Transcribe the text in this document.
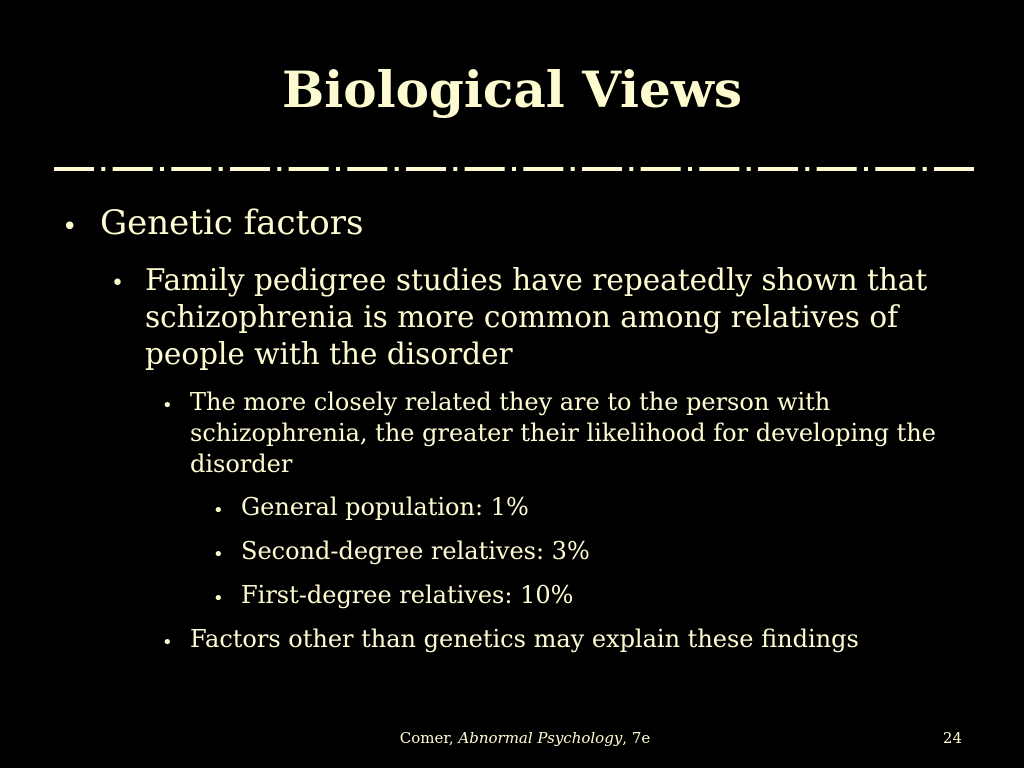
Biological Views
• Genetic factors
• Family pedigree studies have repeatedly shown that schizophrenia is more common among relatives of people with the disorder
• The more closely related they are to the person with schizophrenia, the greater their likelihood for developing the disorder
• General population: 1%
• Second-degree relatives: 3%
• First-degree relatives: 10%
• Factors other than genetics may explain these findings
Comer, Abnormal Psychology, 7e	24
